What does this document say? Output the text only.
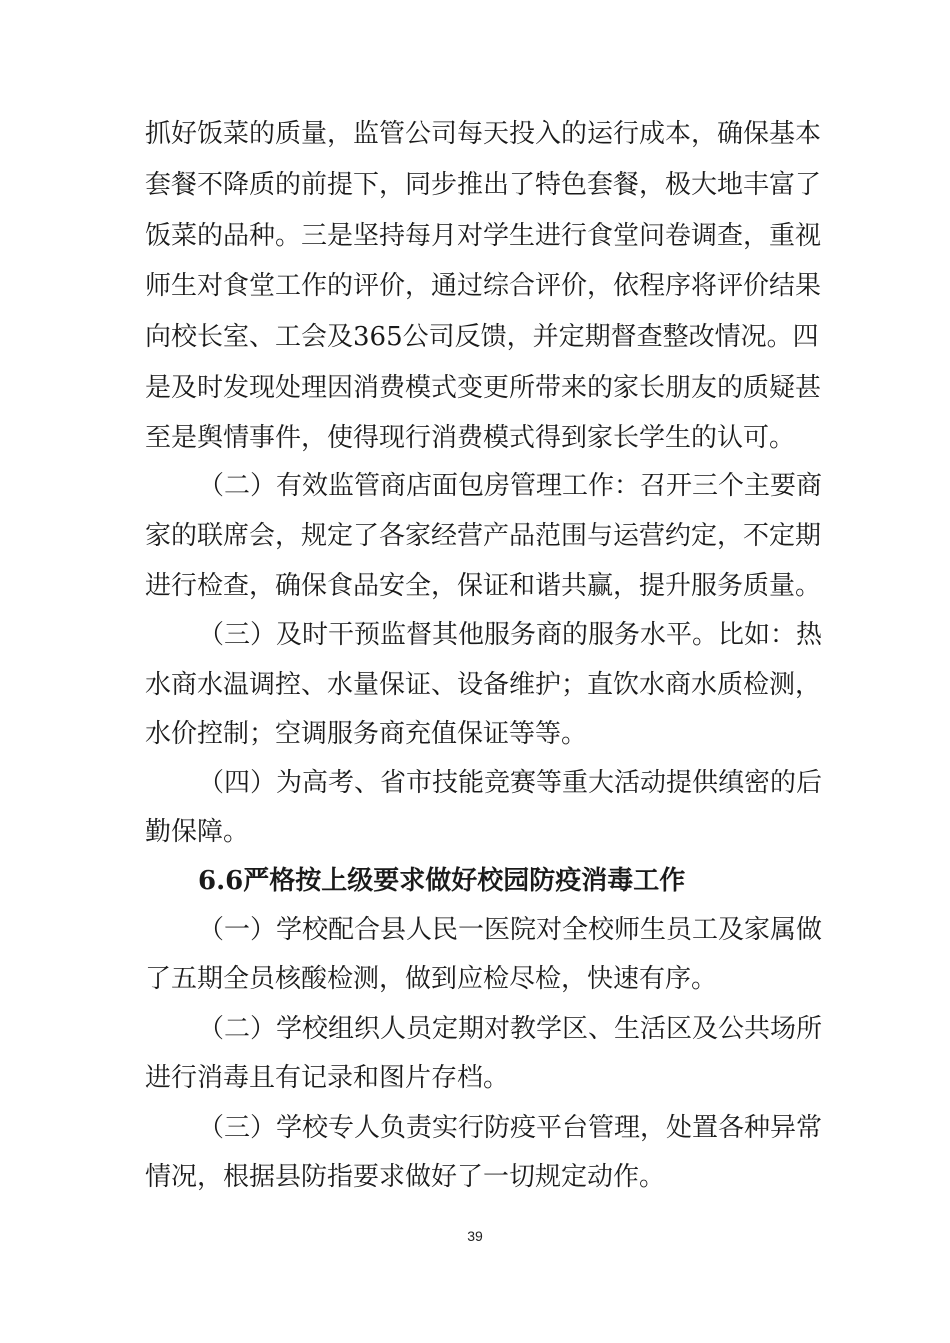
抓好饭菜的质量，监管公司每天投入的运行成本，确保基本
套餐不降质的前提下，同步推出了特色套餐，极大地丰富了
饭菜的品种。三是坚持每月对学生进行食堂问卷调查，重视
师生对食堂工作的评价，通过综合评价，依程序将评价结果
向校长室、工会及365公司反馈，并定期督查整改情况。四
是及时发现处理因消费模式变更所带来的家长朋友的质疑甚
至是舆情事件，使得现行消费模式得到家长学生的认可。
（二）有效监管商店面包房管理工作：召开三个主要商
家的联席会，规定了各家经营产品范围与运营约定，不定期
进行检查，确保食品安全，保证和谐共赢，提升服务质量。
（三）及时干预监督其他服务商的服务水平。比如：热
水商水温调控、水量保证、设备维护；直饮水商水质检测，
水价控制；空调服务商充值保证等等。
（四）为高考、省市技能竞赛等重大活动提供缜密的后
勤保障。
6.6严格按上级要求做好校园防疫消毒工作
（一）学校配合县人民一医院对全校师生员工及家属做
了五期全员核酸检测，做到应检尽检，快速有序。
（二）学校组织人员定期对教学区、生活区及公共场所
进行消毒且有记录和图片存档。
（三）学校专人负责实行防疫平台管理，处置各种异常
情况，根据县防指要求做好了一切规定动作。
39
